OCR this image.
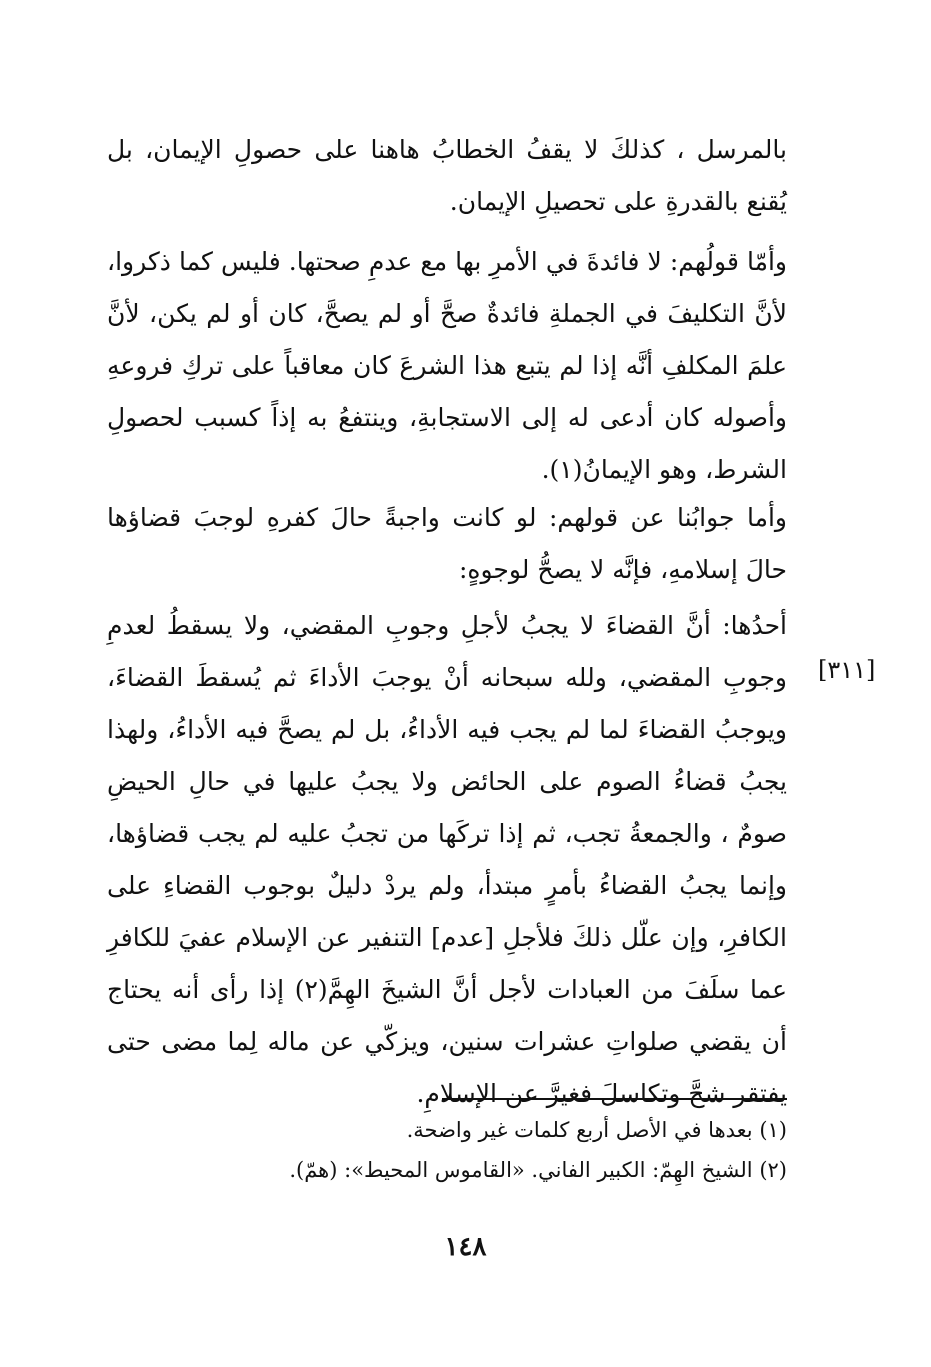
بالمرسل ، كذلكَ لا يقفُ الخطابُ هاهنا على حصولِ الإيمان، بل يُقنع بالقدرةِ على تحصيلِ الإيمان.

وأمّا قولُهم: لا فائدةَ في الأمرِ بها مع عدمِ صحتها. فليس كما ذكروا، لأنَّ التكليفَ في الجملةِ فائدةٌ صحَّ أو لم يصحَّ، كان أو لم يكن، لأنَّ علمَ المكلفِ أنَّه إذا لم يتبع هذا الشرعَ كان معاقباً على تركِ فروعهِ وأصوله كان أدعى له إلى الاستجابةِ، وينتفعُ به إذاً كسبب لحصولِ الشرط، وهو الإيمانُ(١).

وأما جوابُنا عن قولهم: لو كانت واجبةً حالَ كفرهِ لوجبَ قضاؤها حالَ إسلامهِ، فإنَّه لا يصحُّ لوجوهٍ:

أحدُها: أنَّ القضاءَ لا يجبُ لأجلِ وجوبِ المقضي، ولا يسقطُ لعدمِ وجوبِ المقضي، ولله سبحانه أنْ يوجبَ الأداءَ ثم يُسقطَ القضاءَ، ويوجبُ القضاءَ لما لم يجب فيه الأداءُ، بل لم يصحَّ فيه الأداءُ، ولهذا يجبُ قضاءُ الصوم على الحائض ولا يجبُ عليها في حالِ الحيضِ صومٌ ، والجمعةُ تجب، ثم إذا تركَها من تجبُ عليه لم يجب قضاؤها، وإنما يجبُ القضاءُ بأمرٍ مبتدأ، ولم يردْ دليلٌ بوجوب القضاءِ على الكافرِ، وإن علّل ذلكَ فلأجلِ [عدم] التنفير عن الإسلام عفيَ للكافرِ عما سلَفَ من العبادات لأجل أنَّ الشيخَ الهِمَّ(٢) إذا رأى أنه يحتاج أن يقضي صلواتِ عشرات سنين، ويزكّي عن ماله لِما مضى حتى يفتقر شحَّ وتكاسلَ فغيرَّ عن الإسلامِ.

[٣١١]

(١) بعدها في الأصل أربع كلمات غير واضحة.

(٢) الشيخ الهِمّ: الكبير الفاني. «القاموس المحيط»: (همّ).

١٤٨
